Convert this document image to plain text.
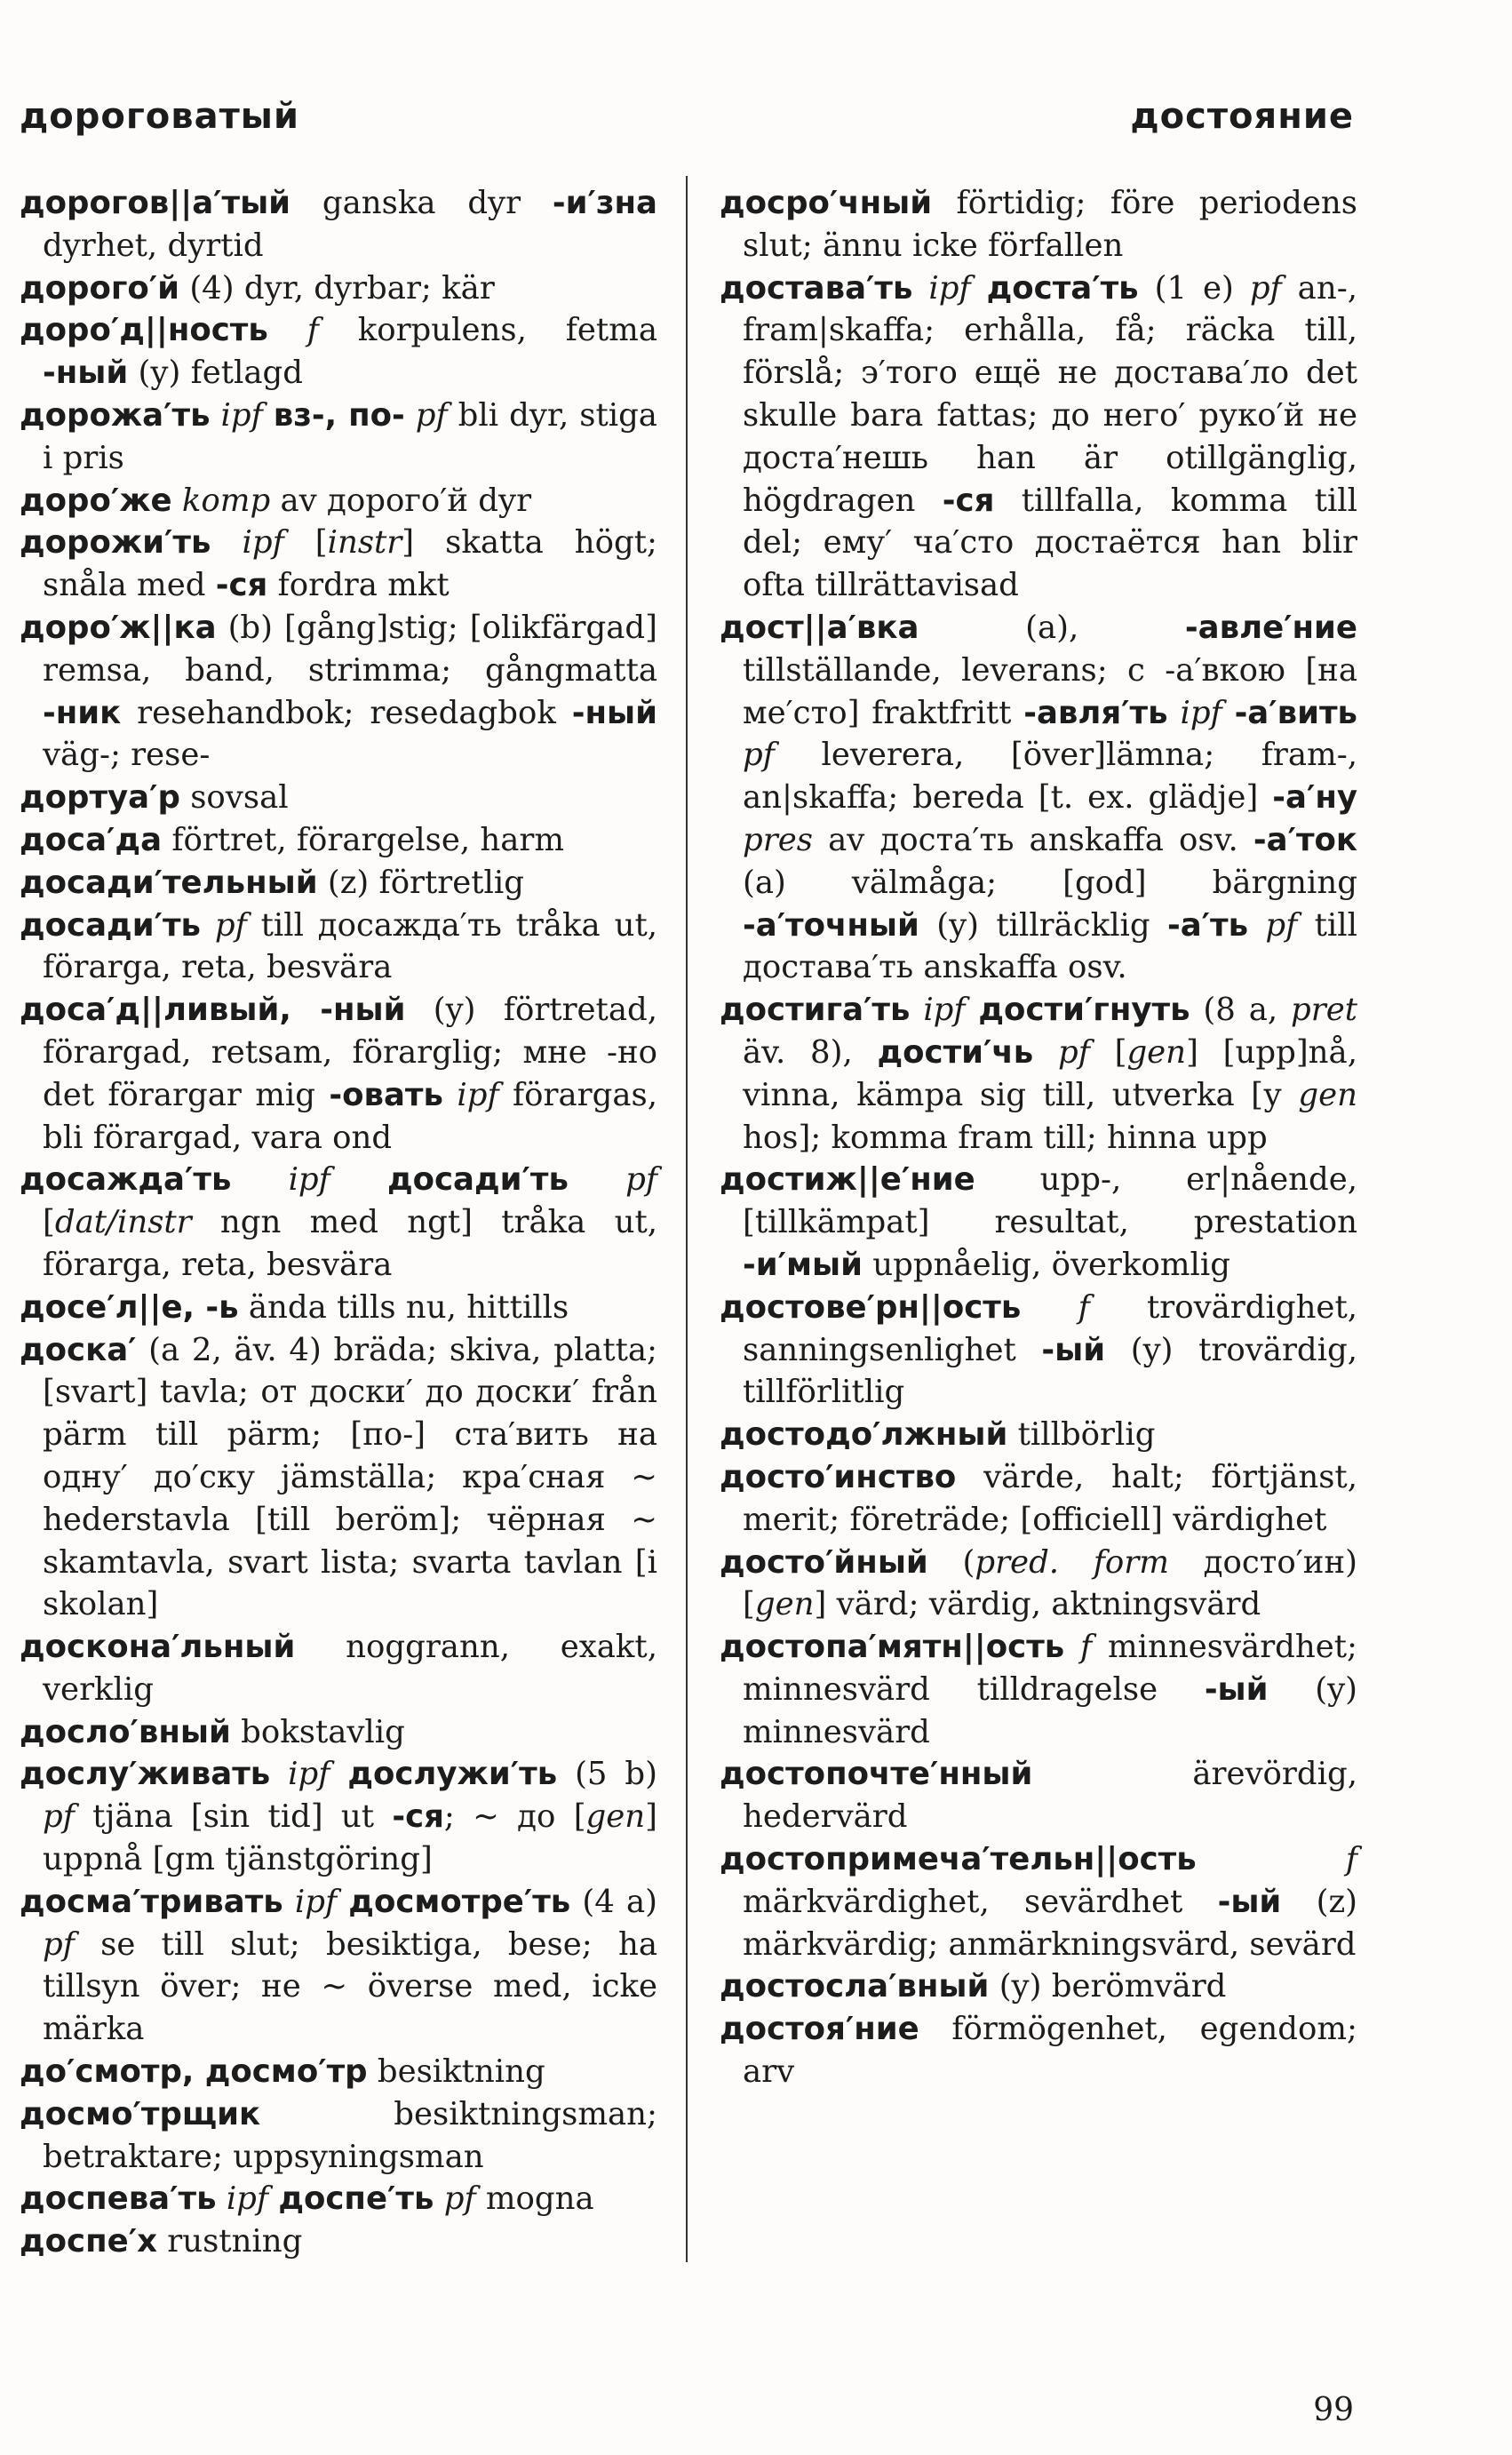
дороговатый	достояние

дорогов||а′тый ganska dyr -и′зна dyrhet, dyrtid

дорого′й (4) dyr, dyrbar; kär

доро′д||ность f korpulens, fetma -ный (y) fetlagd

дорожа′ть ipf вз-, по- pf bli dyr, stiga i pris

доро′же komp av дорого′й dyr

дорожи′ть ipf [instr] skatta högt; snåla med -ся fordra mkt

доро′ж||ка (b) [gång]stig; [olikfärgad] remsa, band, strimma; gångmatta -ник resehandbok; resedagbok -ный väg-; rese-

дортуа′р sovsal

доса′да förtret, förargelse, harm

досади′тельный (z) förtretlig

досади′ть pf till досажда′ть tråka ut, förarga, reta, besvära

доса′д||ливый, -ный (y) förtretad, förargad, retsam, förarglig; мне -но det förargar mig -овать ipf förargas, bli förargad, vara ond

досажда′ть ipf досади′ть pf [dat/instr ngn med ngt] tråka ut, förarga, reta, besvära

досе′л||е, -ь ända tills nu, hittills

доска′ (a 2, äv. 4) bräda; skiva, platta; [svart] tavla; от доски′ до доски′ från pärm till pärm; [по-] ста′вить на одну′ до′ску jämställa; кра′сная ~ hederstavla [till beröm]; чёрная ~ skamtavla, svart lista; svarta tavlan [i skolan]

доскона′льный noggrann, exakt, verklig

досло′вный bokstavlig

дослу′живать ipf дослужи′ть (5 b) pf tjäna [sin tid] ut -ся; ~ до [gen] uppnå [gm tjänstgöring]

досма′тривать ipf досмотре′ть (4 a) pf se till slut; besiktiga, bese; ha tillsyn över; не ~ överse med, icke märka

до′смотр, досмо′тр besiktning

досмо′трщик besiktningsman; betraktare; uppsyningsman

доспева′ть ipf доспе′ть pf mogna

доспе′х rustning

досро′чный förtidig; före periodens slut; ännu icke förfallen

достава′ть ipf доста′ть (1 e) pf an-, fram|skaffa; erhålla, få; räcka till, förslå; э′того ещё не достава′ло det skulle bara fattas; до него′ руко′й не доста′нешь han är otillgänglig, högdragen -ся tillfalla, komma till del; ему′ ча′сто достаётся han blir ofta tillrättavisad

дост||а′вка (a), -авле′ние tillställande, leverans; с -а′вкою [на ме′сто] fraktfritt -авля′ть ipf -а′вить pf leverera, [över]lämna; fram-, an|skaffa; bereda [t. ex. glädje] -а′ну pres av доста′ть anskaffa osv. -а′ток (a) välmåga; [god] bärgning -а′точный (y) tillräcklig -а′ть pf till достава′ть anskaffa osv.

достига′ть ipf дости′гнуть (8 a, pret äv. 8), дости′чь pf [gen] [upp]nå, vinna, kämpa sig till, utverka [у gen hos]; komma fram till; hinna upp

достиж||е′ние upp-, er|nående, [tillkämpat] resultat, prestation -и′мый uppnåelig, överkomlig

достове′рн||ость f trovärdighet, sanningsenlighet -ый (y) trovärdig, tillförlitlig

достодо′лжный tillbörlig

досто′инство värde, halt; förtjänst, merit; företräde; [officiell] värdighet

досто′йный (pred. form досто′ин) [gen] värd; värdig, aktningsvärd

достопа′мятн||ость f minnesvärdhet; minnesvärd tilldragelse -ый (y) minnesvärd

достопочте′нный ärevördig, hedervärd

достопримеча′тельн||ость	f märkvärdighet, sevärdhet -ый (z) märkvärdig; anmärkningsvärd, sevärd

достосла′вный (y) berömvärd

достоя′ние förmögenhet, egendom; arv

99
